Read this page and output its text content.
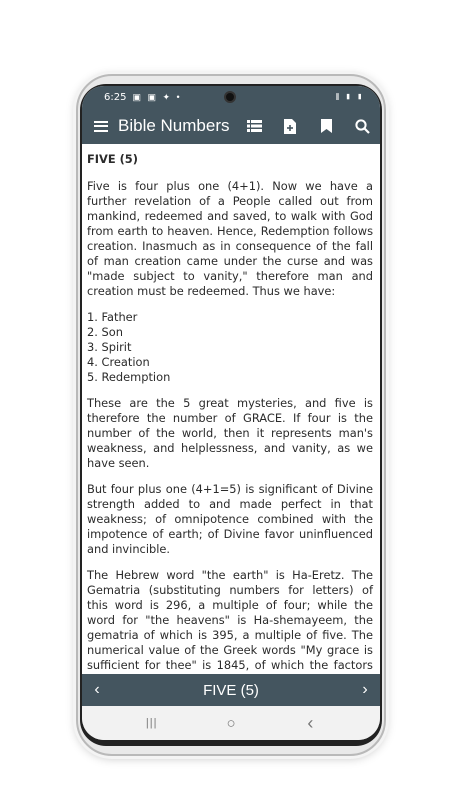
6:25 ▣ ▣ ✦ •	⦀ ▮ ▮
Bible Numbers
FIVE (5)

Five is four plus one (4+1). Now we have a further revelation of a People called out from mankind, redeemed and saved, to walk with God from earth to heaven. Hence, Redemption follows creation. Inasmuch as in consequence of the fall of man creation came under the curse and was "made subject to vanity," therefore man and creation must be redeemed. Thus we have:

1. Father
2. Son
3. Spirit
4. Creation
5. Redemption

These are the 5 great mysteries, and five is therefore the number of GRACE. If four is the number of the world, then it represents man's weakness, and helplessness, and vanity, as we have seen.

But four plus one (4+1=5) is significant of Divine strength added to and made perfect in that weakness; of omnipotence combined with the impotence of earth; of Divine favor uninfluenced and invincible.

The Hebrew word "the earth" is Ha-Eretz. The Gematria (substituting numbers for letters) of this word is 296, a multiple of four; while the word for "the heavens" is Ha-shemayeem, the gematria of which is 395, a multiple of five. The numerical value of the Greek words "My grace is sufficient for thee" is 1845, of which the factors

‹	FIVE (5)	›
|||	○	‹
